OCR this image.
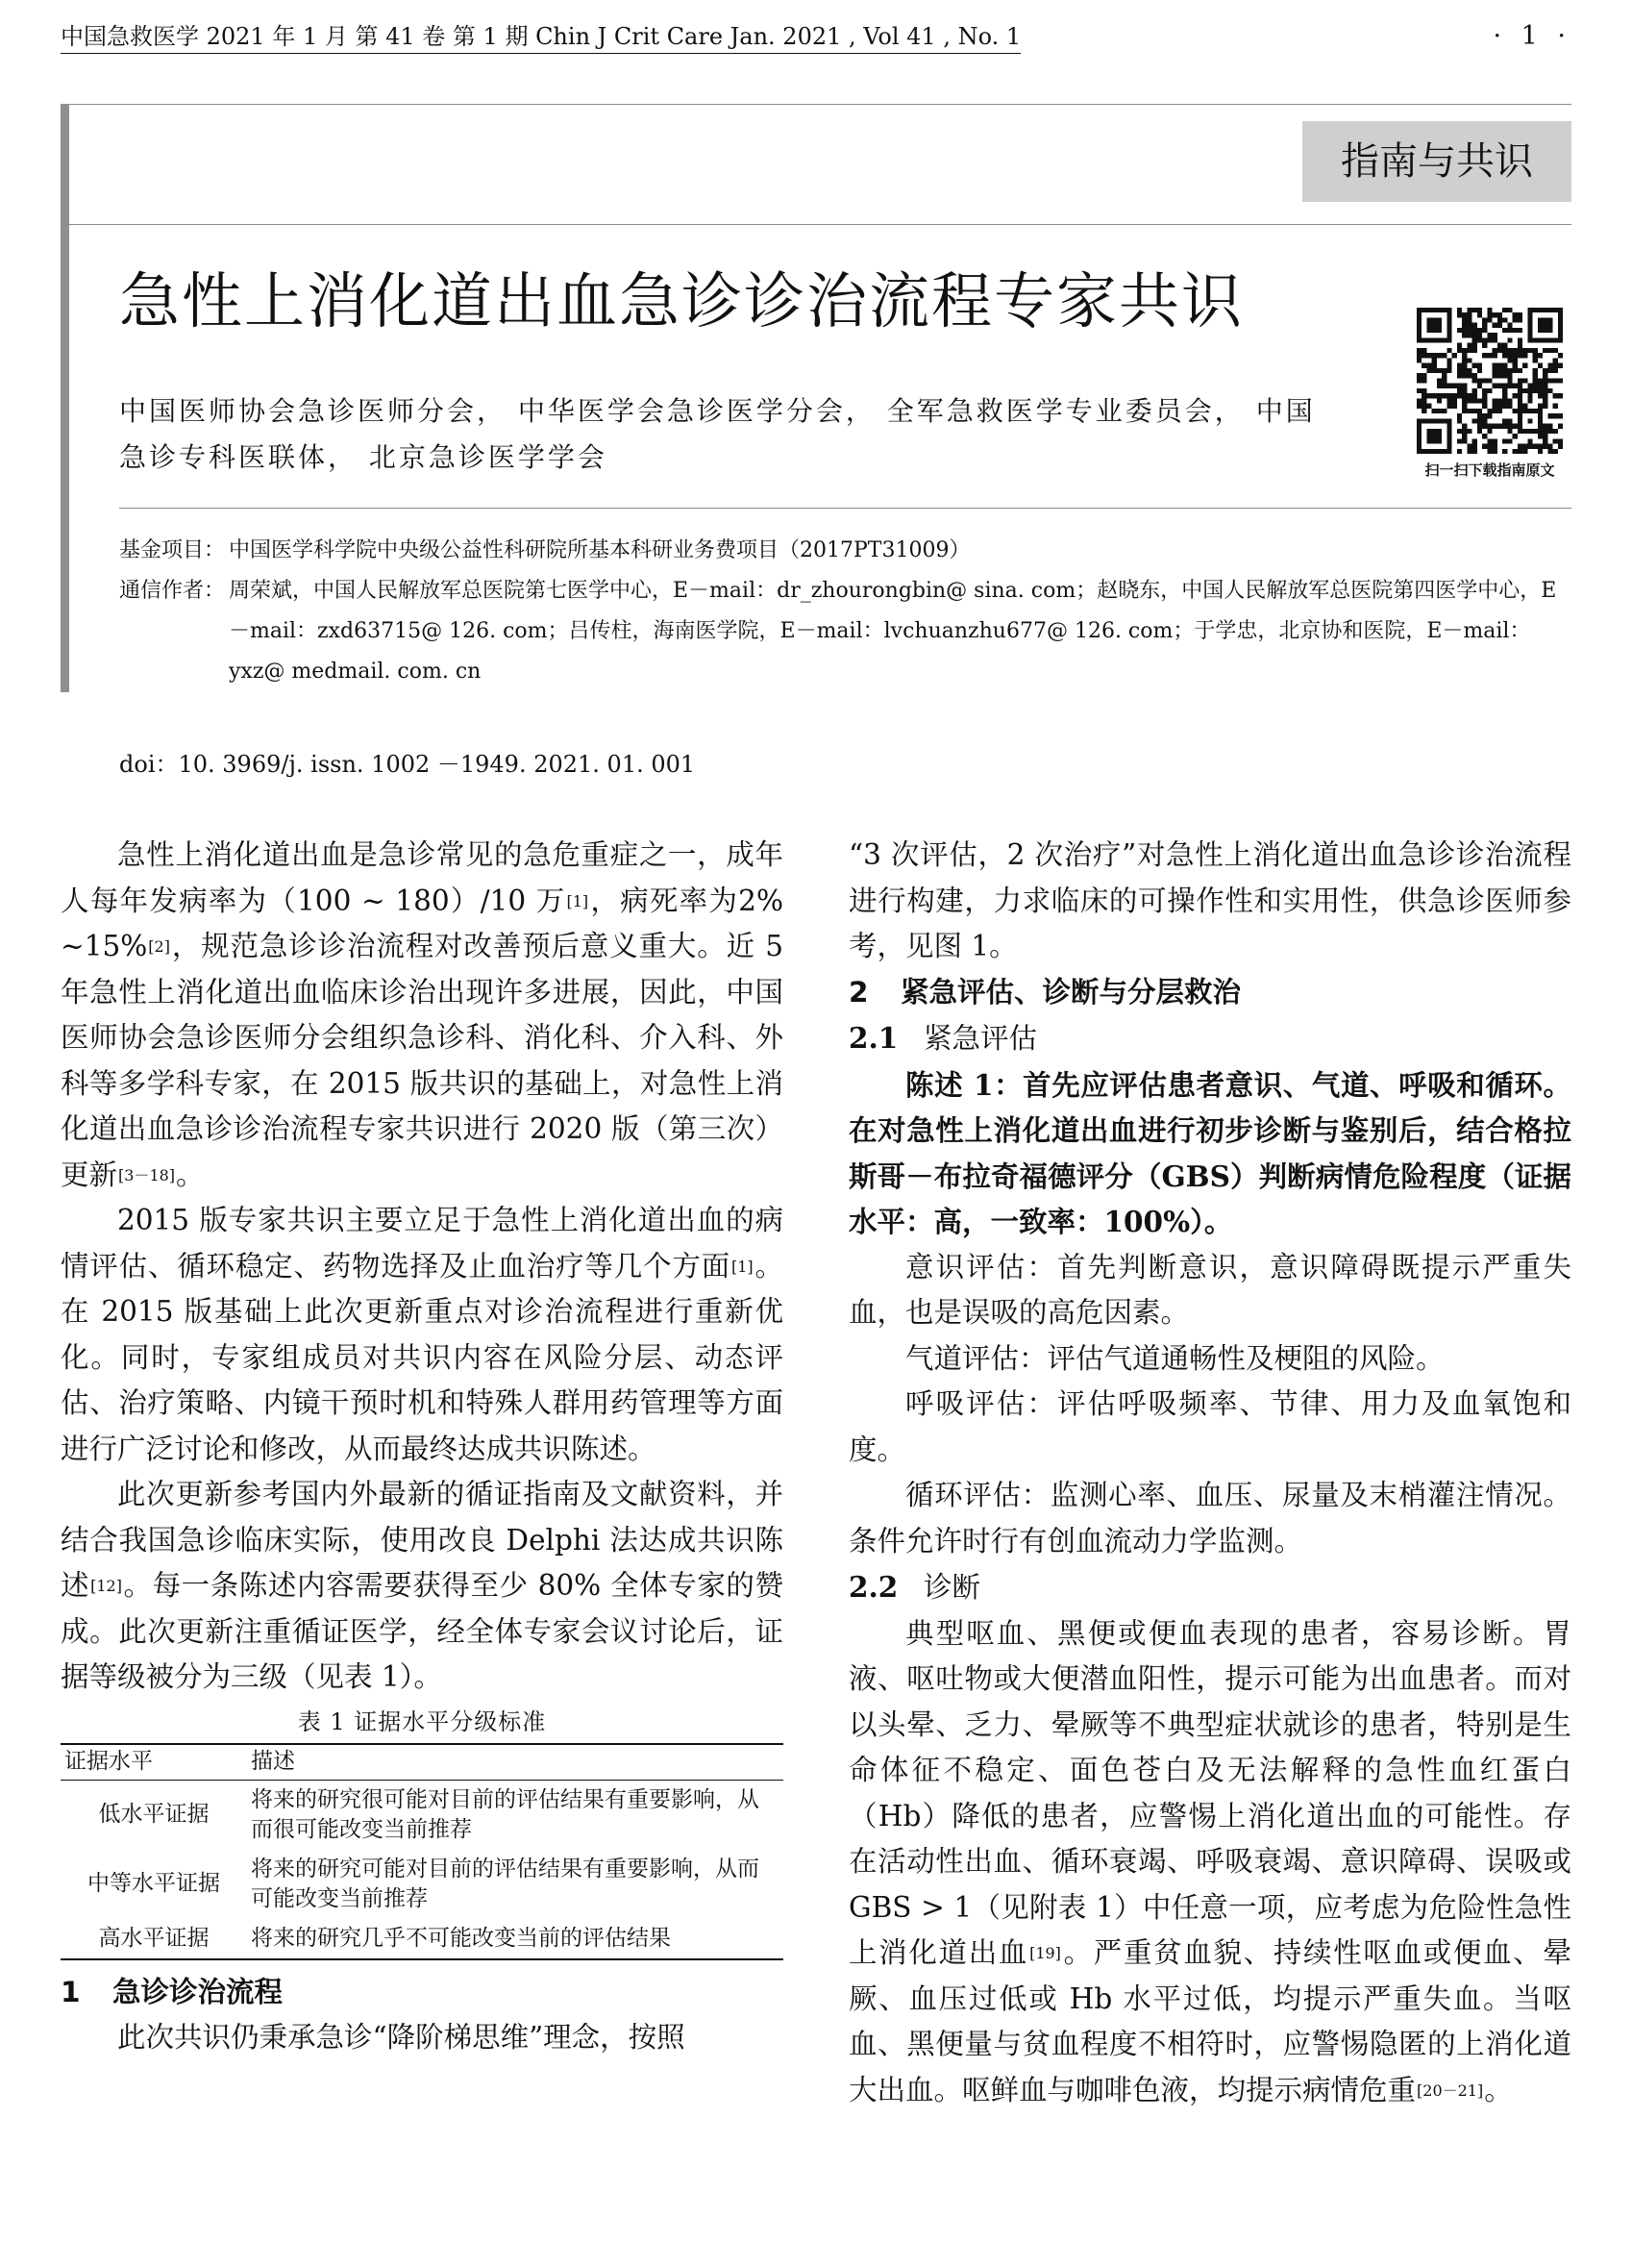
中国急救医学 2021 年 1 月 第 41 卷 第 1 期 Chin J Crit Care Jan. 2021 , Vol 41 , No. 1	· 1 ·
指南与共识
急性上消化道出血急诊诊治流程专家共识
中国医师协会急诊医师分会， 中华医学会急诊医学分会， 全军急救医学专业委员会， 中国急诊专科医联体， 北京急诊医学学会	扫一扫下载指南原文
基金项目： 中国医学科学院中央级公益性科研院所基本科研业务费项目（2017PT31009）
通信作者： 周荣斌，中国人民解放军总医院第七医学中心，E－mail：dr_zhourongbin@ sina. com；赵晓东，中国人民解放军总医院第四医学中心，E－mail：zxd63715@ 126. com；吕传柱，海南医学院，E－mail：lvchuanzhu677@ 126. com；于学忠，北京协和医院，E－mail：yxz@ medmail. com. cn
doi：10. 3969/j. issn. 1002 －1949. 2021. 01. 001

急性上消化道出血是急诊常见的急危重症之一，成年人每年发病率为（100 ~ 180）/10 万[1]，病死率为2% ~15%[2]，规范急诊诊治流程对改善预后意义重大。近 5 年急性上消化道出血临床诊治出现许多进展，因此，中国医师协会急诊医师分会组织急诊科、消化科、介入科、外科等多学科专家，在 2015 版共识的基础上，对急性上消化道出血急诊诊治流程专家共识进行 2020 版（第三次）更新[3－18]。

2015 版专家共识主要立足于急性上消化道出血的病情评估、循环稳定、药物选择及止血治疗等几个方面[1]。在 2015 版基础上此次更新重点对诊治流程进行重新优化。同时，专家组成员对共识内容在风险分层、动态评估、治疗策略、内镜干预时机和特殊人群用药管理等方面进行广泛讨论和修改，从而最终达成共识陈述。

此次更新参考国内外最新的循证指南及文献资料，并结合我国急诊临床实际，使用改良 Delphi 法达成共识陈述[12]。每一条陈述内容需要获得至少 80% 全体专家的赞成。此次更新注重循证医学，经全体专家会议讨论后，证据等级被分为三级（见表 1）。

表 1 证据水平分级标准

证据水平	描述
低水平证据	将来的研究很可能对目前的评估结果有重要影响，从而很可能改变当前推荐
中等水平证据	将来的研究可能对目前的评估结果有重要影响，从而可能改变当前推荐
高水平证据	将来的研究几乎不可能改变当前的评估结果

1 急诊诊治流程

此次共识仍秉承急诊“降阶梯思维”理念，按照

“3 次评估，2 次治疗”对急性上消化道出血急诊诊治流程进行构建，力求临床的可操作性和实用性，供急诊医师参考，见图 1。

2 紧急评估、诊断与分层救治

2.1 紧急评估

陈述 1：首先应评估患者意识、气道、呼吸和循环。在对急性上消化道出血进行初步诊断与鉴别后，结合格拉斯哥－布拉奇福德评分（GBS）判断病情危险程度（证据水平：高，一致率：100%）。

意识评估：首先判断意识，意识障碍既提示严重失血，也是误吸的高危因素。

气道评估：评估气道通畅性及梗阻的风险。

呼吸评估：评估呼吸频率、节律、用力及血氧饱和度。

循环评估：监测心率、血压、尿量及末梢灌注情况。条件允许时行有创血流动力学监测。

2.2 诊断

典型呕血、黑便或便血表现的患者，容易诊断。胃液、呕吐物或大便潜血阳性，提示可能为出血患者。而对以头晕、乏力、晕厥等不典型症状就诊的患者，特别是生命体征不稳定、面色苍白及无法解释的急性血红蛋白（Hb）降低的患者，应警惕上消化道出血的可能性。存在活动性出血、循环衰竭、呼吸衰竭、意识障碍、误吸或 GBS > 1（见附表 1）中任意一项，应考虑为危险性急性上消化道出血[19]。严重贫血貌、持续性呕血或便血、晕厥、血压过低或 Hb 水平过低，均提示严重失血。当呕血、黑便量与贫血程度不相符时，应警惕隐匿的上消化道大出血。呕鲜血与咖啡色液，均提示病情危重[20－21]。
